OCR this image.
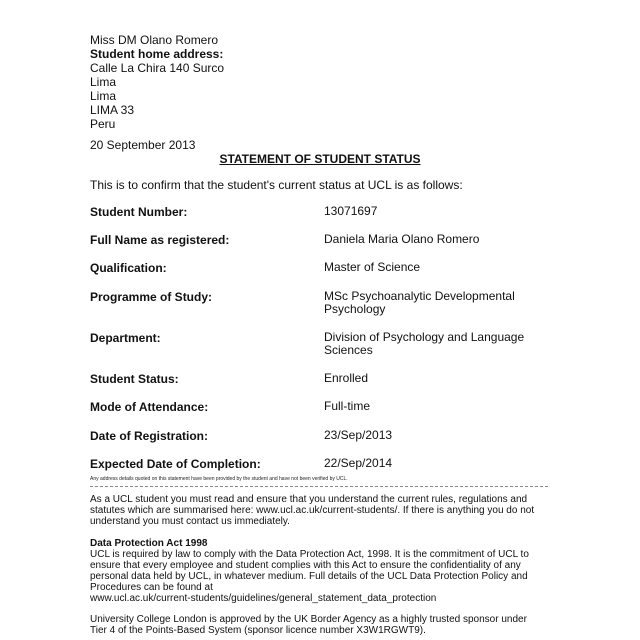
Miss DM Olano Romero
Student home address:
Calle La Chira 140 Surco
Lima
Lima
LIMA 33
Peru
20 September 2013
STATEMENT OF STUDENT STATUS
This is to confirm that the student's current status at UCL is as follows:
Student Number:	13071697
Full Name as registered:	Daniela Maria Olano Romero
Qualification:	Master of Science
Programme of Study:	MSc Psychoanalytic Developmental Psychology
Department:	Division of Psychology and Language Sciences
Student Status:	Enrolled
Mode of Attendance:	Full-time
Date of Registration:	23/Sep/2013
Expected Date of Completion:	22/Sep/2014
Any address details quoted on this statement have been provided by the student and have not been verified by UCL.
As a UCL student you must read and ensure that you understand the current rules, regulations and statutes which are summarised here: www.ucl.ac.uk/current-students/. If there is anything you do not understand you must contact us immediately.
Data Protection Act 1998
UCL is required by law to comply with the Data Protection Act, 1998. It is the commitment of UCL to ensure that every employee and student complies with this Act to ensure the confidentiality of any personal data held by UCL, in whatever medium. Full details of the UCL Data Protection Policy and Procedures can be found at
www.ucl.ac.uk/current-students/guidelines/general_statement_data_protection
University College London is approved by the UK Border Agency as a highly trusted sponsor under Tier 4 of the Points-Based System (sponsor licence number X3W1RGWT9).
